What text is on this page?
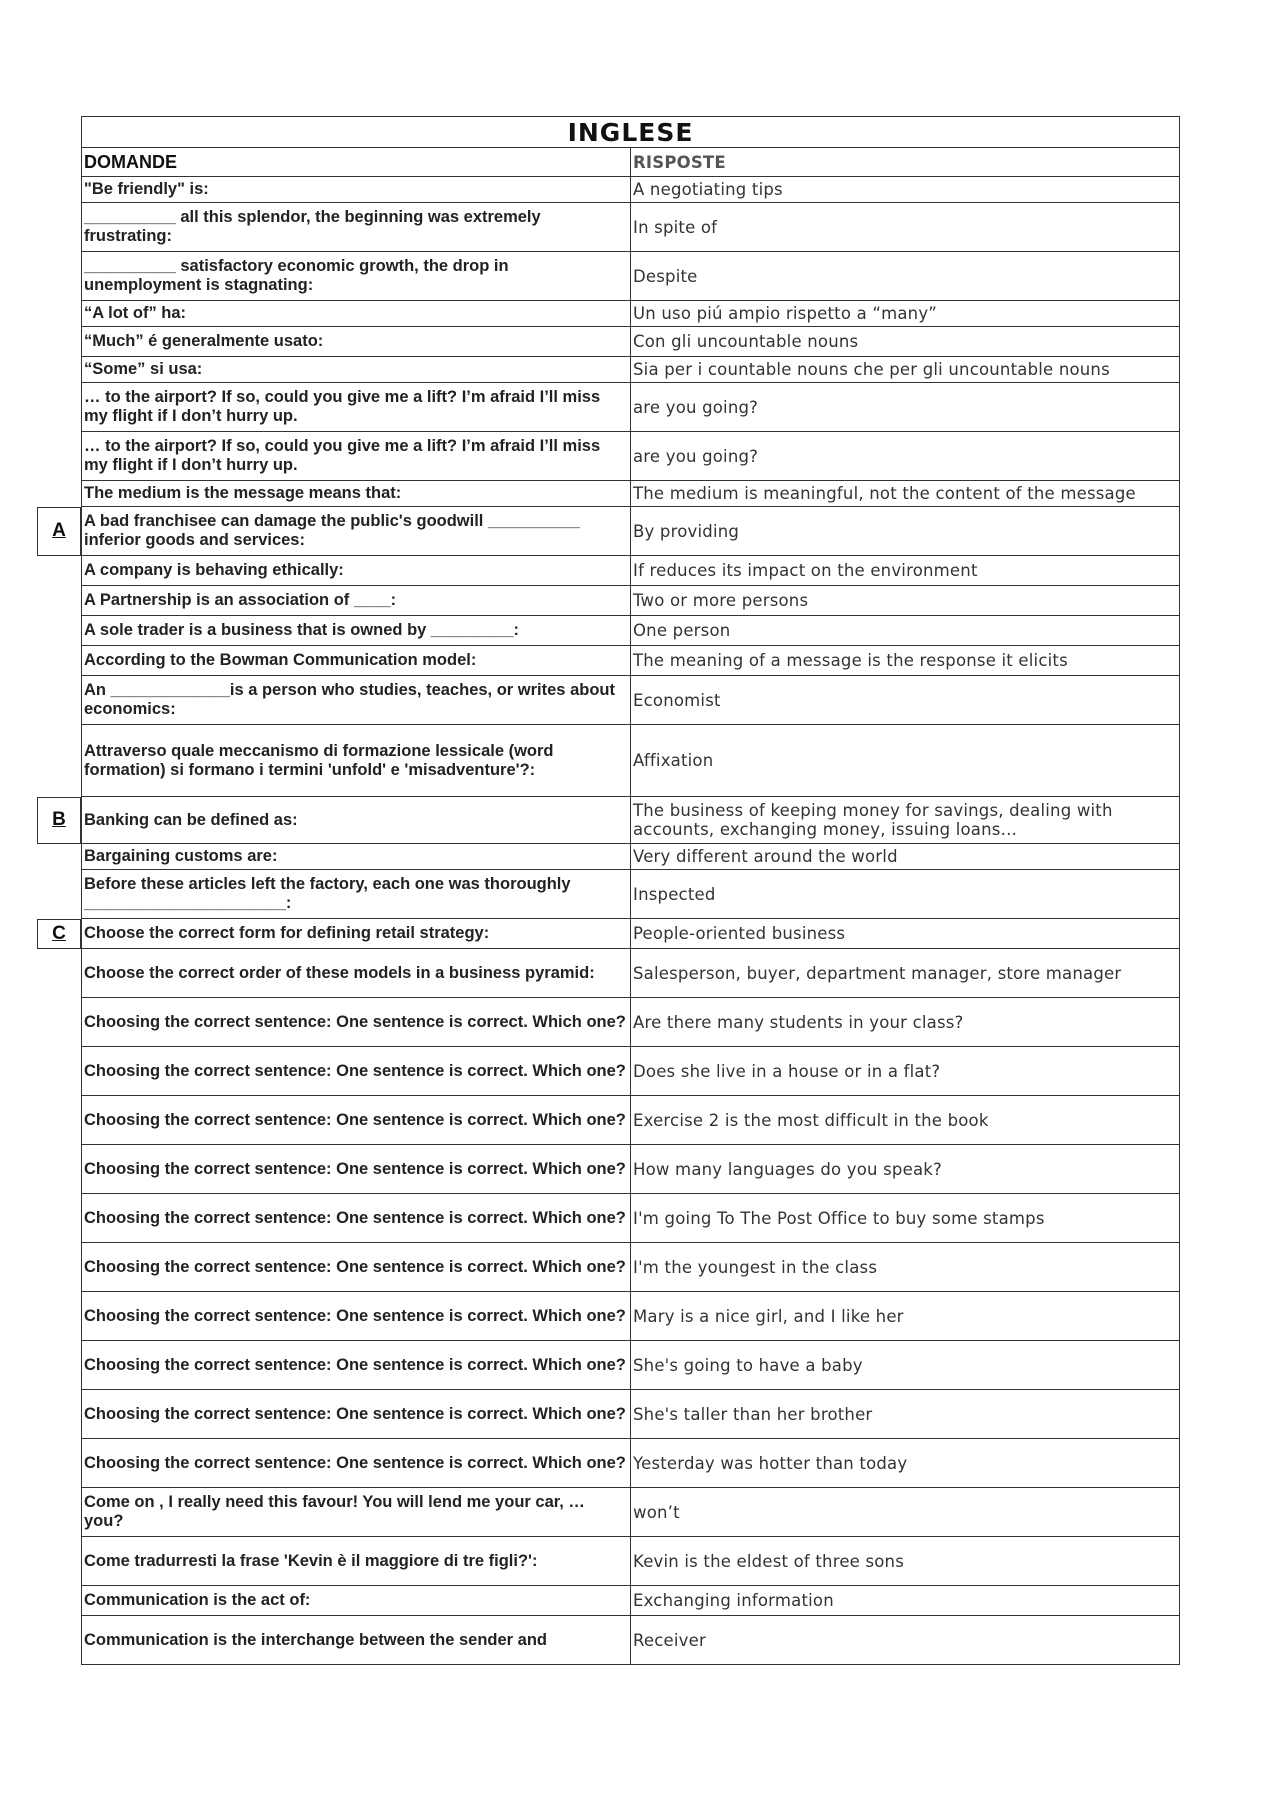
INGLESE	
DOMANDE	RISPOSTE
"Be friendly" is:	A negotiating tips
__________ all this splendor, the beginning was extremely frustrating:	In spite of
__________ satisfactory economic growth, the drop in unemployment is stagnating:	Despite
“A lot of” ha:	Un uso piú ampio rispetto a “many”
“Much” é generalmente usato:	Con gli uncountable nouns
“Some” si usa:	Sia per i countable nouns che per gli uncountable nouns
… to the airport? If so, could you give me a lift? I’m afraid I’ll miss my flight if I don’t hurry up.	are you going?
… to the airport? If so, could you give me a lift? I’m afraid I’ll miss my flight if I don’t hurry up.	are you going?
The medium is the message means that:	The medium is meaningful, not the content of the message
A bad franchisee can damage the public's goodwill __________ inferior goods and services:	By providing
A company is behaving ethically:	If reduces its impact on the environment
A Partnership is an association of ____:	Two or more persons
A sole trader is a business that is owned by _________:	One person
According to the Bowman Communication model:	The meaning of a message is the response it elicits
An _____________is a person who studies, teaches, or writes about economics:	Economist
Attraverso quale meccanismo di formazione lessicale (word formation) si formano i termini 'unfold' e 'misadventure'?:	Affixation
Banking can be defined as:	The business of keeping money for savings, dealing with accounts, exchanging money, issuing loans…
Bargaining customs are:	Very different around the world
Before these articles left the factory, each one was thoroughly ______________________:	Inspected
Choose the correct form for defining retail strategy:	People-oriented business
Choose the correct order of these models in a business pyramid:	Salesperson, buyer, department manager, store manager
Choosing the correct sentence: One sentence is correct. Which one?	Are there many students in your class?
Choosing the correct sentence: One sentence is correct. Which one?	Does she live in a house or in a flat?
Choosing the correct sentence: One sentence is correct. Which one?	Exercise 2 is the most difficult in the book
Choosing the correct sentence: One sentence is correct. Which one?	How many languages do you speak?
Choosing the correct sentence: One sentence is correct. Which one?	I'm going To The Post Office to buy some stamps
Choosing the correct sentence: One sentence is correct. Which one?	I'm the youngest in the class
Choosing the correct sentence: One sentence is correct. Which one?	Mary is a nice girl, and I like her
Choosing the correct sentence: One sentence is correct. Which one?	She's going to have a baby
Choosing the correct sentence: One sentence is correct. Which one?	She's taller than her brother
Choosing the correct sentence: One sentence is correct. Which one?	Yesterday was hotter than today
Come on , I really need this favour! You will lend me your car, … you?	won’t
Come tradurresti la frase 'Kevin è il maggiore di tre figli?':	Kevin is the eldest of three sons
Communication is the act of:	Exchanging information
Communication is the interchange between the sender and	Receiver
A
B
C
